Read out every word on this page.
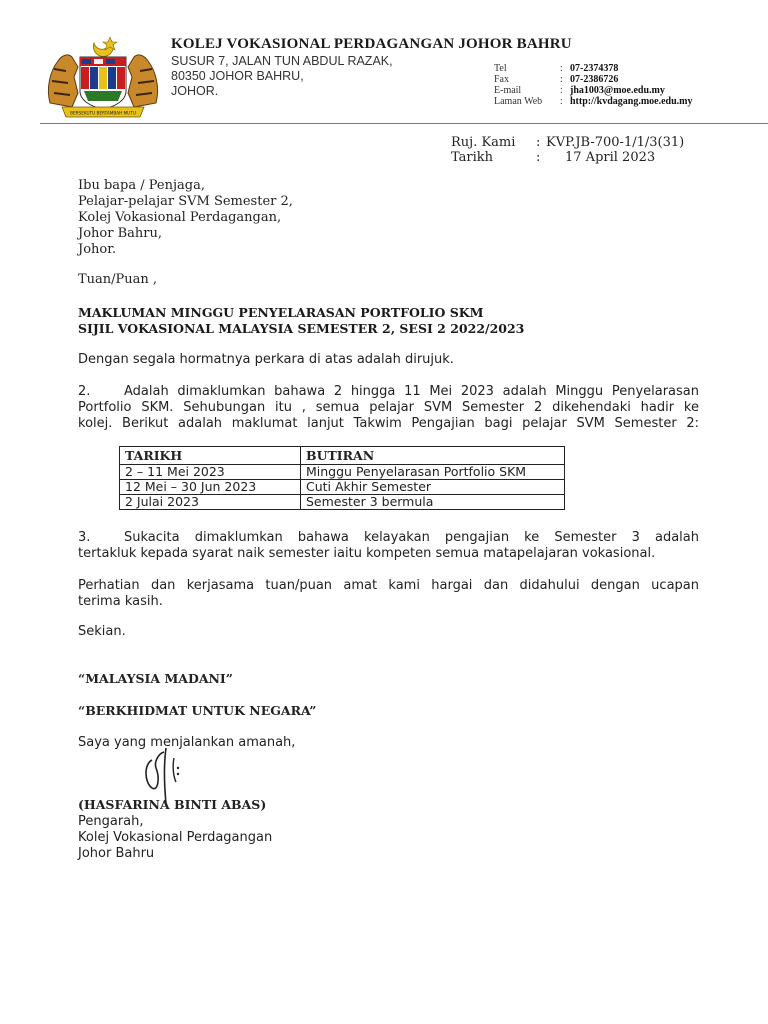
BERSEKUTU BERTAMBAH MUTU
KOLEJ VOKASIONAL PERDAGANGAN JOHOR BAHRU
SUSUR 7, JALAN TUN ABDUL RAZAK,
80350 JOHOR BAHRU,
JOHOR.
Tel	: 07-2374378
Fax	: 07-2386726
E-mail	: jha1003@moe.edu.my
Laman Web : http://kvdagang.moe.edu.my
Ruj. Kami : KVP.JB-700-1/1/3(31)
Tarikh	: 17 April 2023
Ibu bapa / Penjaga,
Pelajar-pelajar SVM Semester 2,
Kolej Vokasional Perdagangan,
Johor Bahru,
Johor.
Tuan/Puan ,
MAKLUMAN MINGGU PENYELARASAN PORTFOLIO SKM
SIJIL VOKASIONAL MALAYSIA SEMESTER 2, SESI 2 2022/2023
Dengan segala hormatnya perkara di atas adalah dirujuk.
2.	Adalah dimaklumkan bahawa 2 hingga 11 Mei 2023 adalah Minggu Penyelarasan
Portfolio SKM. Sehubungan itu , semua pelajar SVM Semester 2 dikehendaki hadir ke
kolej. Berikut adalah maklumat lanjut Takwim Pengajian bagi pelajar SVM Semester 2:
TARIKH	BUTIRAN
2 – 11 Mei 2023	Minggu Penyelarasan Portfolio SKM
12 Mei – 30 Jun 2023	Cuti Akhir Semester
2 Julai 2023	Semester 3 bermula
3.	Sukacita dimaklumkan bahawa kelayakan pengajian ke Semester 3 adalah
tertakluk kepada syarat naik semester iaitu kompeten semua matapelajaran vokasional.
Perhatian dan kerjasama tuan/puan amat kami hargai dan didahului dengan ucapan
terima kasih.
Sekian.
“MALAYSIA MADANI”
“BERKHIDMAT UNTUK NEGARA”
Saya yang menjalankan amanah,
(HASFARINA BINTI ABAS)
Pengarah,
Kolej Vokasional Perdagangan
Johor Bahru
